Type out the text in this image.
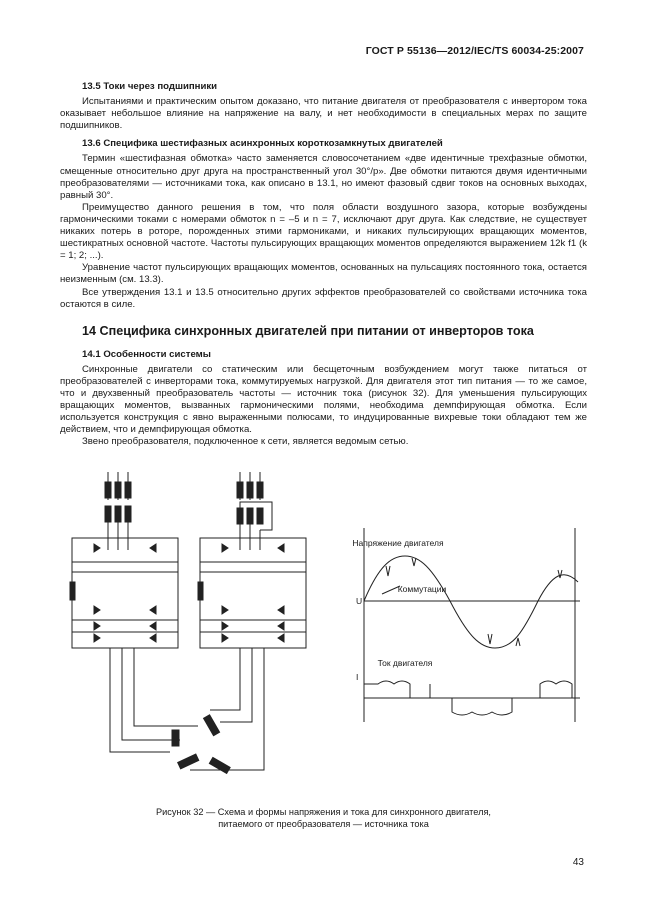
ГОСТ Р 55136—2012/IEC/TS 60034-25:2007
13.5 Токи через подшипники

Испытаниями и практическим опытом доказано, что питание двигателя от преобразователя с инвертором тока оказывает небольшое влияние на напряжение на валу, и нет необходимости в специальных мерах по защите подшипников.

13.6 Специфика шестифазных асинхронных короткозамкнутых двигателей

Термин «шестифазная обмотка» часто заменяется словосочетанием «две идентичные трехфазные обмотки, смещенные относительно друг друга на пространственный угол 30°/p». Две обмотки питаются двумя идентичными преобразователями — источниками тока, как описано в 13.1, но имеют фазовый сдвиг токов на основных выходах, равный 30°.

Преимущество данного решения в том, что поля области воздушного зазора, которые возбуждены гармоническими токами с номерами обмоток n = –5 и n = 7, исключают друг друга. Как следствие, не существует никаких потерь в роторе, порожденных этими гармониками, и никаких пульсирующих вращающих моментов, шестикратных основной частоте. Частоты пульсирующих вращающих моментов определяются выражением 12k f1 (k = 1; 2; ...).

Уравнение частот пульсирующих вращающих моментов, основанных на пульсациях постоянного тока, остается неизменным (см. 13.3).

Все утверждения 13.1 и 13.5 относительно других эффектов преобразователей со свойствами источника тока остаются в силе.

14 Специфика синхронных двигателей при питании от инверторов тока
14.1 Особенности системы

Синхронные двигатели со статическим или бесщеточным возбуждением могут также питаться от преобразователей с инверторами тока, коммутируемых нагрузкой. Для двигателя этот тип питания — то же самое, что и двухзвенный преобразователь частоты — источник тока (рисунок 32). Для уменьшения пульсирующих вращающих моментов, вызванных гармоническими полями, необходима демпфирующая обмотка. Если используется конструкция с явно выраженными полюсами, то индуцированные вихревые токи обладают тем же действием, что и демпфирующая обмотка.

Звено преобразователя, подключенное к сети, является ведомым сетью.

Напряжение двигателя
Коммутации
U
I
Ток двигателя
Рисунок 32 — Схема и формы напряжения и тока для синхронного двигателя,
питаемого от преобразователя — источника тока
43
